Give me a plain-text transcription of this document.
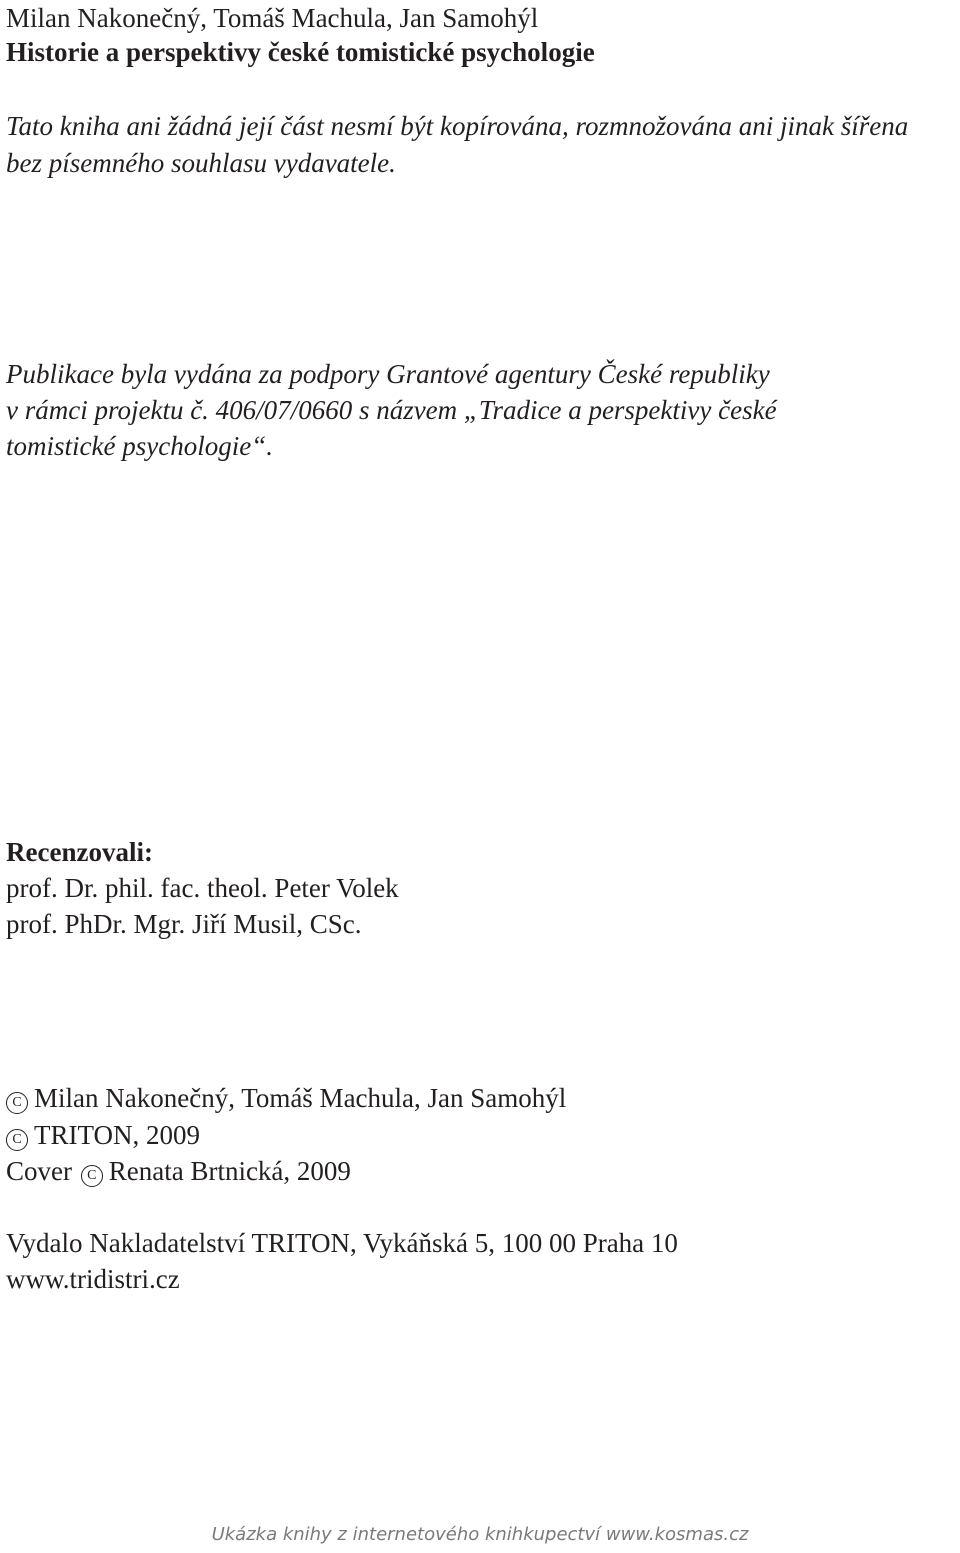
Milan Nakonečný, Tomáš Machula, Jan Samohýl
Historie a perspektivy české tomistické psychologie
Tato kniha ani žádná její část nesmí být kopírována, rozmnožována ani jinak šířena
bez písemného souhlasu vydavatele.
Publikace byla vydána za podpory Grantové agentury České republiky
v rámci projektu č. 406/07/0660 s názvem „Tradice a perspektivy české
tomistické psychologie“.
Recenzovali:
prof. Dr. phil. fac. theol. Peter Volek
prof. PhDr. Mgr. Jiří Musil, CSc.
C Milan Nakonečný, Tomáš Machula, Jan Samohýl
C TRITON, 2009
Cover C Renata Brtnická, 2009
Vydalo Nakladatelství TRITON, Vykáňská 5, 100 00 Praha 10
www.tridistri.cz
Ukázka knihy z internetového knihkupectví www.kosmas.cz
